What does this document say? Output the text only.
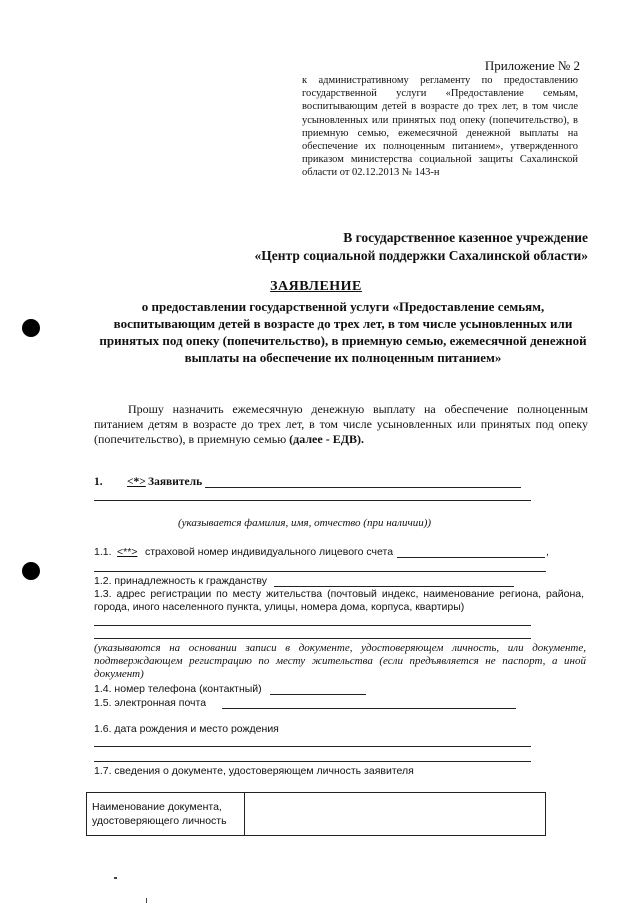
Приложение № 2
к административному регламенту по предоставлению государственной услуги «Предоставление семьям, воспитывающим детей в возрасте до трех лет, в том числе усыновленных или принятых под опеку (попечительство), в приемную семью, ежемесячной денежной выплаты на обеспечение их полноценным питанием», утвержденного приказом министерства социальной защиты Сахалинской области от 02.12.2013 № 143-н
В государственное казенное учреждение
«Центр социальной поддержки Сахалинской области»
ЗАЯВЛЕНИЕ
о предоставлении государственной услуги «Предоставление семьям, воспитывающим детей в возрасте до трех лет, в том числе усыновленных или принятых под опеку (попечительство), в приемную семью, ежемесячной денежной выплаты на обеспечение их полноценным питанием»
Прошу назначить ежемесячную денежную выплату на обеспечение полноценным питанием детям в возрасте до трех лет, в том числе усыновленных или принятых под опеку (попечительство), в приемную семью (далее - ЕДВ).
1. <*> Заявитель
(указывается фамилия, имя, отчество (при наличии))
1.1. <**> страховой номер индивидуального лицевого счета	,
1.2. принадлежность к гражданству
1.3. адрес регистрации по месту жительства (почтовый индекс, наименование региона, района, города, иного населенного пункта, улицы, номера дома, корпуса, квартиры)
(указываются на основании записи в документе, удостоверяющем личность, или документе, подтверждающем регистрацию по месту жительства (если предъявляется не паспорт, а иной документ)
1.4. номер телефона (контактный)
1.5. электронная почта
1.6. дата рождения и место рождения
1.7. сведения о документе, удостоверяющем личность заявителя
Наименование документа, удостоверяющего личность	
